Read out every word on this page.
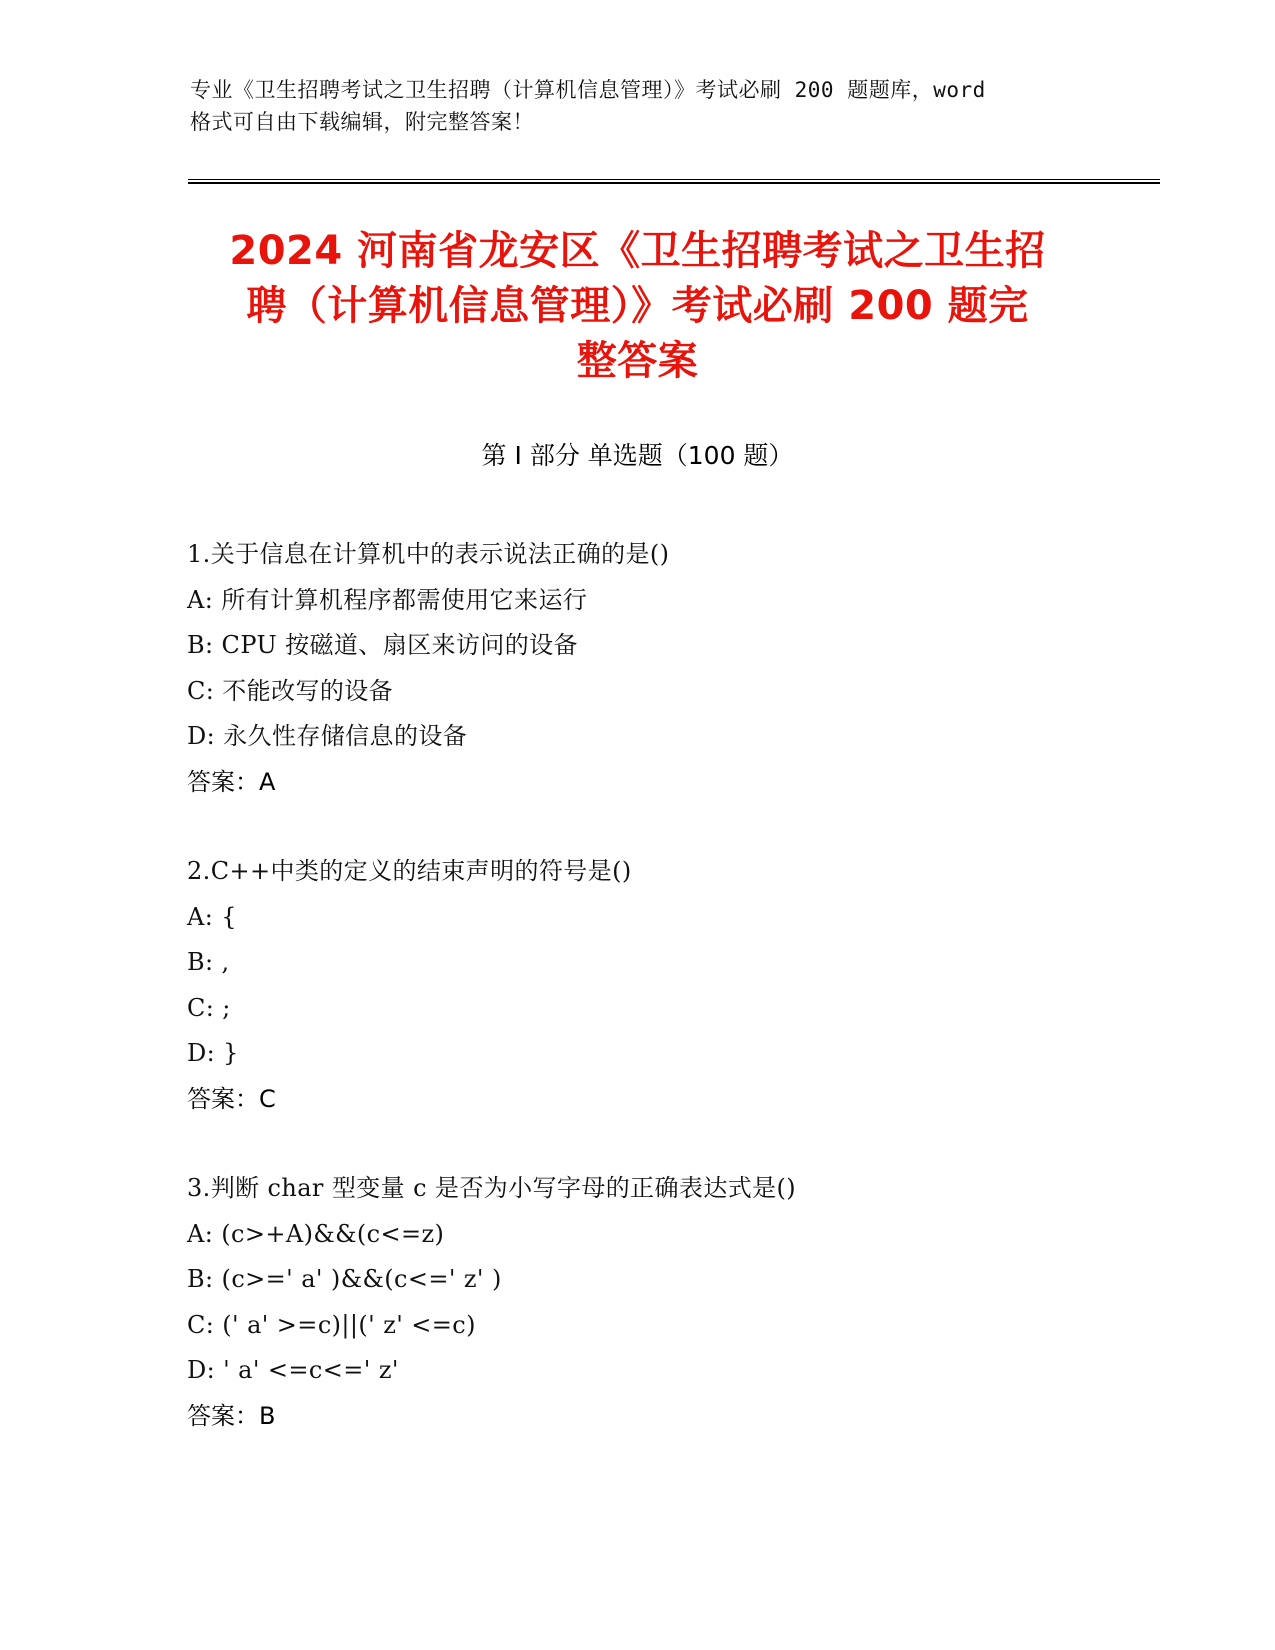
专业《卫生招聘考试之卫生招聘（计算机信息管理）》考试必刷 200 题题库，word
格式可自由下载编辑，附完整答案！
2024 河南省龙安区《卫生招聘考试之卫生招
聘（计算机信息管理）》考试必刷 200 题完
整答案
第 I 部分 单选题（100 题）
1.关于信息在计算机中的表示说法正确的是()
A: 所有计算机程序都需使用它来运行
B: CPU 按磁道、扇区来访问的设备
C: 不能改写的设备
D: 永久性存储信息的设备
答案：A
2.C++中类的定义的结束声明的符号是()
A: {
B: ,
C: ;
D: }
答案：C
3.判断 char 型变量 c 是否为小写字母的正确表达式是()
A: (c>+A)&&(c<=z)
B: (c>=' a' )&&(c<=' z' )
C: (' a' >=c)||(' z' <=c)
D: ' a' <=c<=' z'
答案：B
